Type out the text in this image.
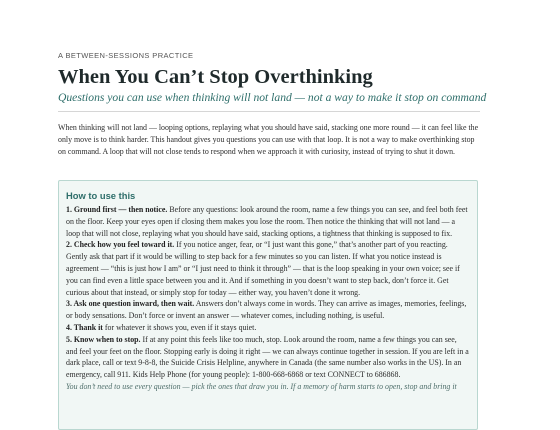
A BETWEEN-SESSIONS PRACTICE
When You Can’t Stop Overthinking
Questions you can use when thinking will not land — not a way to make it stop on command

When thinking will not land — looping options, replaying what you should have said, stacking one more round — it can feel like the only move is to think harder. This handout gives you questions you can use with that loop. It is not a way to make overthinking stop on command. A loop that will not close tends to respond when we approach it with curiosity, instead of trying to shut it down.

How to use this

1. Ground first — then notice. Before any questions: look around the room, name a few things you can see, and feel both feet on the floor. Keep your eyes open if closing them makes you lose the room. Then notice the thinking that will not land — a loop that will not close, replaying what you should have said, stacking options, a tightness that thinking is supposed to fix.

2. Check how you feel toward it. If you notice anger, fear, or “I just want this gone,” that’s another part of you reacting. Gently ask that part if it would be willing to step back for a few minutes so you can listen. If what you notice instead is agreement — “this is just how I am” or “I just need to think it through” — that is the loop speaking in your own voice; see if you can find even a little space between you and it. And if something in you doesn’t want to step back, don’t force it. Get curious about that instead, or simply stop for today — either way, you haven’t done it wrong.

3. Ask one question inward, then wait. Answers don’t always come in words. They can arrive as images, memories, feelings, or body sensations. Don’t force or invent an answer — whatever comes, including nothing, is useful.

4. Thank it for whatever it shows you, even if it stays quiet.

5. Know when to stop. If at any point this feels like too much, stop. Look around the room, name a few things you can see, and feel your feet on the floor. Stopping early is doing it right — we can always continue together in session. If you are left in a dark place, call or text 9-8-8, the Suicide Crisis Helpline, anywhere in Canada (the same number also works in the US). In an emergency, call 911. Kids Help Phone (for young people): 1-800-668-6868 or text CONNECT to 686868.

You don’t need to use every question — pick the ones that draw you in. If a memory of harm starts to open, stop and bring it
